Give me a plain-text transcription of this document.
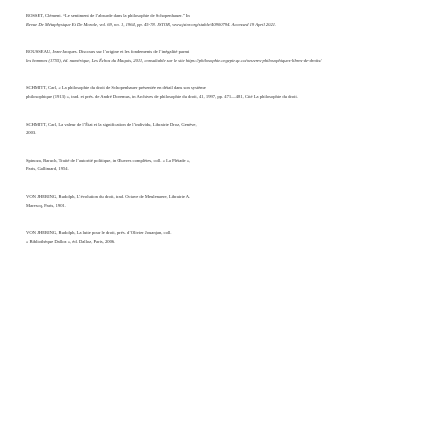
ROSSET, Clément. “Le sentiment de l’absurde dans la philosophie de Schopenhauer.” In
Revue De Métaphysique Et De Morale, vol. 69, no. 1, 1964, pp. 45-78. JSTOR, www.jstor.org/stable/40900794. Accessed 19 April 2021.

ROUSSEAU, Jean-Jacques. Discours sur l’origine et les fondements de l’inégalité parmi
les hommes (1755), éd. numérique, Les Échos du Maquis, 2011, consultable sur le site https://philosophie.cegeptr.qc.ca/oeuvres-philosophiques-libres-de-droits/

SCHMITT, Carl, « La philosophie du droit de Schopenhauer présentée en détail dans son système
philosophique (1913) », trad. et prés. de André Doremus, in Archives de philosophie du droit, 41, 1997, pp. 471—481, Cité La philosophie du droit.

SCHMITT, Carl, La valeur de l’État et la signification de l’individu, Librairie Droz, Genève,
2003.

Spinoza, Baruch, Traité de l’autorité politique, in Œuvres complètes, coll. « La Pléiade »,
Paris, Gallimard, 1954.

VON JHERING, Rudolph, L’évolution du droit, trad. Octave de Meulenaere, Librairie A.
Marescq, Paris, 1901.

VON JHERING, Rudolph, La lutte pour le droit, prés. d’Olivier Jouanjan, coll.
« Bibliothèque Dalloz », éd. Dalloz, Paris, 2006.
